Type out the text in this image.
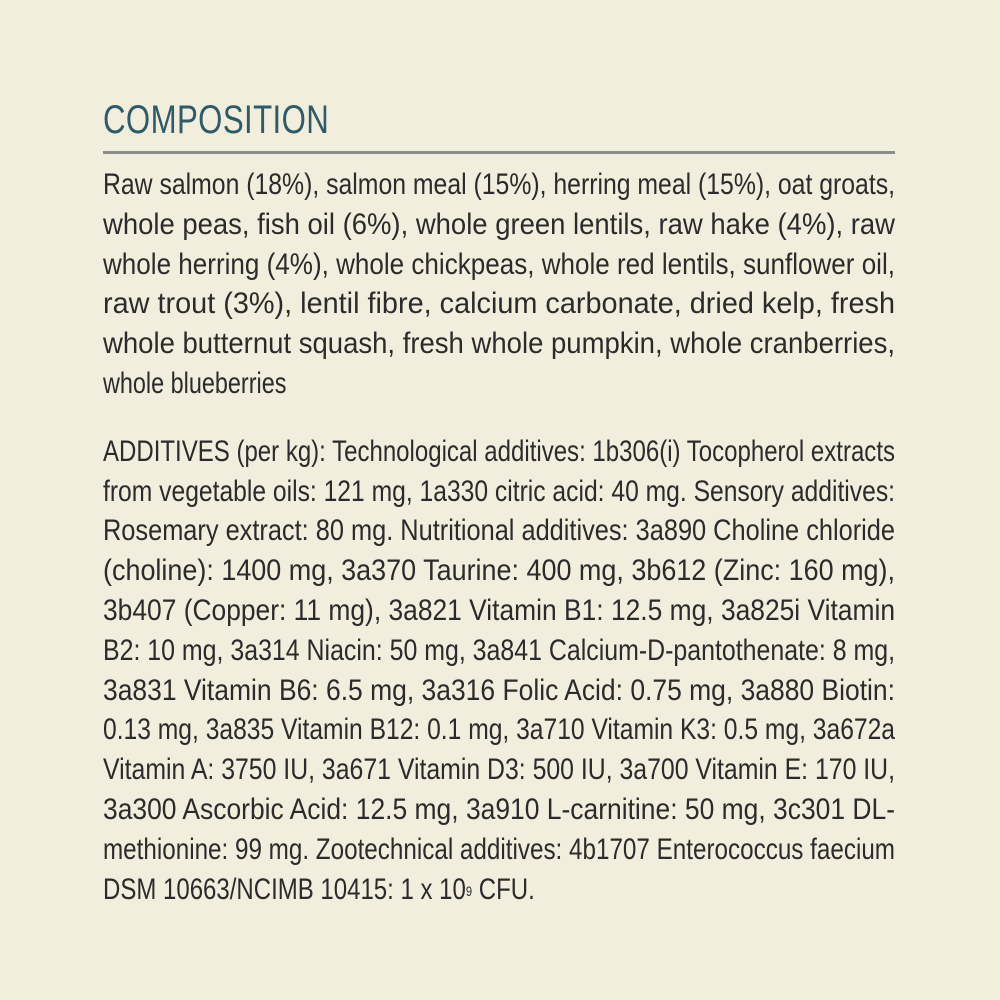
COMPOSITION
Raw salmon (18%), salmon meal (15%), herring meal (15%), oat groats,
whole peas, fish oil (6%), whole green lentils, raw hake (4%), raw
whole herring (4%), whole chickpeas, whole red lentils, sunflower oil,
raw trout (3%), lentil fibre, calcium carbonate, dried kelp, fresh
whole butternut squash, fresh whole pumpkin, whole cranberries,
whole blueberries
ADDITIVES (per kg): Technological additives: 1b306(i) Tocopherol extracts
from vegetable oils: 121 mg, 1a330 citric acid: 40 mg. Sensory additives:
Rosemary extract: 80 mg. Nutritional additives: 3a890 Choline chloride
(choline): 1400 mg, 3a370 Taurine: 400 mg, 3b612 (Zinc: 160 mg),
3b407 (Copper: 11 mg), 3a821 Vitamin B1: 12.5 mg, 3a825i Vitamin
B2: 10 mg, 3a314 Niacin: 50 mg, 3a841 Calcium-D-pantothenate: 8 mg,
3a831 Vitamin B6: 6.5 mg, 3a316 Folic Acid: 0.75 mg, 3a880 Biotin:
0.13 mg, 3a835 Vitamin B12: 0.1 mg, 3a710 Vitamin K3: 0.5 mg, 3a672a
Vitamin A: 3750 IU, 3a671 Vitamin D3: 500 IU, 3a700 Vitamin E: 170 IU,
3a300 Ascorbic Acid: 12.5 mg, 3a910 L-carnitine: 50 mg, 3c301 DL-
methionine: 99 mg. Zootechnical additives: 4b1707 Enterococcus faecium
DSM 10663/NCIMB 10415: 1 x $10^9$ CFU.
